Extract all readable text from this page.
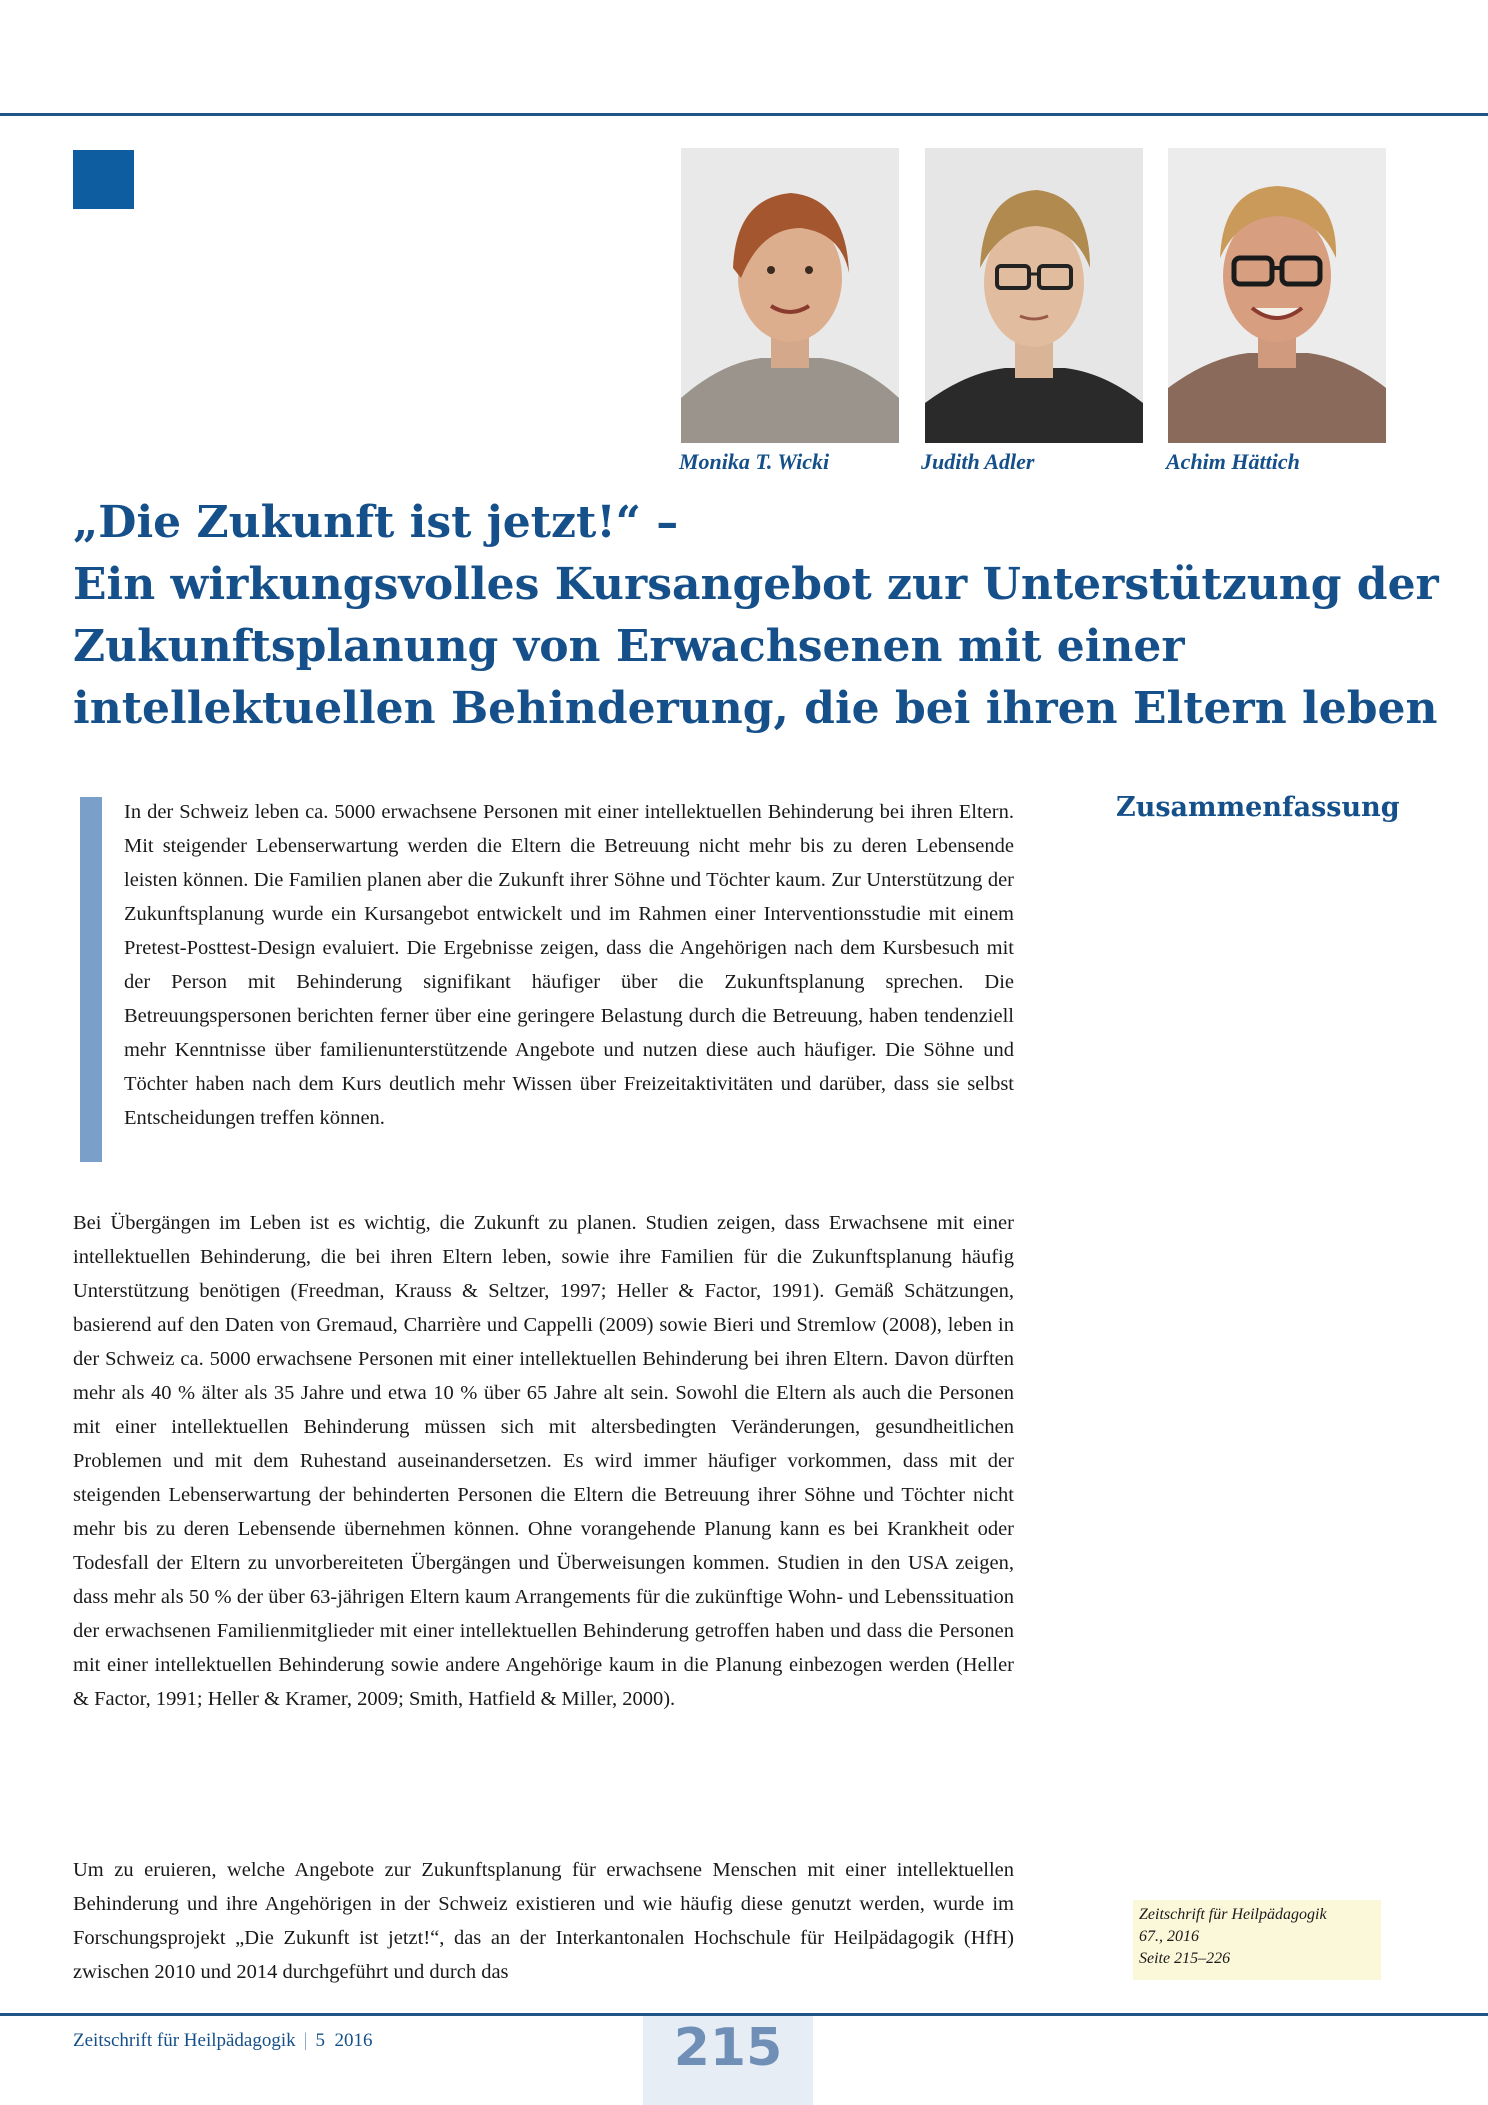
Monika T. Wicki	Judith Adler	Achim Hättich
„Die Zukunft ist jetzt!“ –
Ein wirkungsvolles Kursangebot zur Unterstützung der
Zukunftsplanung von Erwachsenen mit einer
intellektuellen Behinderung, die bei ihren Eltern leben
In der Schweiz leben ca. 5000 erwachsene Personen mit einer intellektuellen Behinderung bei ihren Eltern. Mit steigender Lebenserwartung werden die Eltern die Betreuung nicht mehr bis zu deren Lebensende leisten können. Die Familien planen aber die Zukunft ihrer Söhne und Töchter kaum. Zur Unterstützung der Zukunftsplanung wurde ein Kursangebot entwickelt und im Rahmen einer Interventionsstudie mit einem Pretest-Posttest-Design evaluiert. Die Ergebnisse zeigen, dass die Angehörigen nach dem Kursbesuch mit der Person mit Behinderung signifikant häufiger über die Zukunftsplanung sprechen. Die Betreuungspersonen berichten ferner über eine geringere Belastung durch die Betreuung, haben tendenziell mehr Kenntnisse über familienunterstützende Angebote und nutzen diese auch häufiger. Die Söhne und Töchter haben nach dem Kurs deutlich mehr Wissen über Freizeitaktivitäten und darüber, dass sie selbst Entscheidungen treffen können.
Zusammenfassung

Bei Übergängen im Leben ist es wichtig, die Zukunft zu planen. Studien zeigen, dass Erwachsene mit einer intellektuellen Behinderung, die bei ihren Eltern leben, sowie ihre Familien für die Zukunftsplanung häufig Unterstützung benötigen (Freedman, Krauss & Seltzer, 1997; Heller & Factor, 1991). Gemäß Schätzungen, basierend auf den Daten von Gremaud, Charrière und Cappelli (2009) sowie Bieri und Stremlow (2008), leben in der Schweiz ca. 5000 erwachsene Personen mit einer intellektuellen Behinderung bei ihren Eltern. Davon dürften mehr als 40 % älter als 35 Jahre und etwa 10 % über 65 Jahre alt sein. Sowohl die Eltern als auch die Personen mit einer intellektuellen Behinderung müssen sich mit altersbedingten Veränderungen, gesundheitlichen Problemen und mit dem Ruhestand auseinandersetzen. Es wird immer häufiger vorkommen, dass mit der steigenden Lebenserwartung der behinderten Personen die Eltern die Betreuung ihrer Söhne und Töchter nicht mehr bis zu deren Lebensende übernehmen können. Ohne vorangehende Planung kann es bei Krankheit oder Todesfall der Eltern zu unvorbereiteten Übergängen und Überweisungen kommen. Studien in den USA zeigen, dass mehr als 50 % der über 63-jährigen Eltern kaum Arrangements für die zukünftige Wohn- und Lebenssituation der erwachsenen Familienmitglieder mit einer intellektuellen Behinderung getroffen haben und dass die Personen mit einer intellektuellen Behinderung sowie andere Angehörige kaum in die Planung einbezogen werden (Heller & Factor, 1991; Heller & Kramer, 2009; Smith, Hatfield & Miller, 2000).

Um zu eruieren, welche Angebote zur Zukunftsplanung für erwachsene Menschen mit einer intellektuellen Behinderung und ihre Angehörigen in der Schweiz existieren und wie häufig diese genutzt werden, wurde im Forschungsprojekt „Die Zukunft ist jetzt!“, das an der Interkantonalen Hochschule für Heilpädagogik (HfH) zwischen 2010 und 2014 durchgeführt und durch das

Zeitschrift für Heilpädagogik
67., 2016
Seite 215–226
Zeitschrift für Heilpädagogik | 5  2016	215
